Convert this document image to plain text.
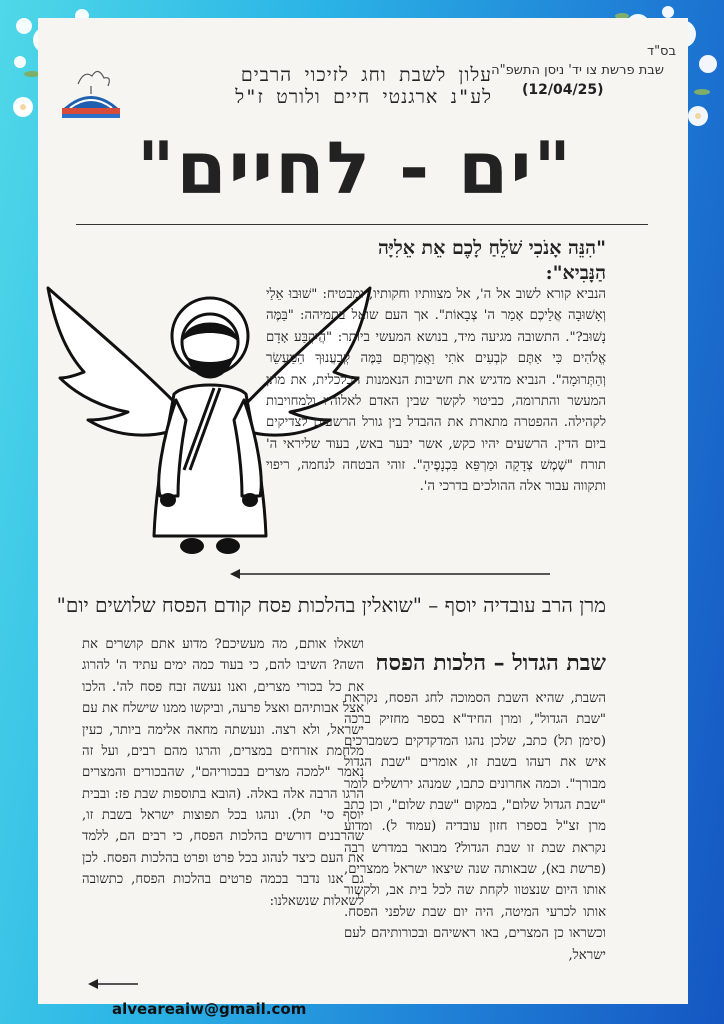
בס"ד
שבת פרשת צו יד' ניסן התשפ"ה
(12/04/25)
עלון לשבת וחג לזיכוי הרבים
לע"נ ארגנטי חיים ולורט ז"ל
"ים - לחיים"
"הִנֵּה אָנֹכִי שֹׁלֵחַ לָכֶם אֵת אֵלִיָּה
הַנָּבִיא":
הנביא קורא לשוב אל ה', אל מצוותיו וחקותיו, ומבטיח: "שׁוּבוּ אֵלַי וְאָשׁוּבָה אֲלֵיכֶם אָמַר ה' צְבָאוֹת". אך העם שואל בתמיהה: "בַּמֶּה נָשׁוּב?". התשובה מגיעה מיד, בנושא המעשי ביותר: "הֲיִקְבַּע אָדָם אֱלֹהִים כִּי אַתֶּם קֹבְעִים אֹתִי וַאֲמַרְתֶּם בַּמֶּה קְבַעֲנוּךָ הַמַּעֲשֵׂר וְהַתְּרוּמָה". הנביא מדגיש את חשיבות הנאמנות הכלכלית, את מתן המעשר והתרומה, כביטוי לקשר שבין האדם לאלוהיו ולמחויבות לקהילה. ההפטרה מתארת את ההבדל בין גורל הרשעים לצדיקים ביום הדין. הרשעים יהיו כקש, אשר יבער באש, בעוד שליראי ה' תורח "שֶׁמֶשׁ צְדָקָה וּמַרְפֵּא בִּכְנָפֶיהָ". זוהי הבטחה לנחמה, ריפוי ותקווה עבור אלה ההולכים בדרכי ה'.
מרן הרב עובדיה יוסף – "שואלין בהלכות פסח קודם הפסח שלושים יום"
שבת הגדול – הלכות הפסח
השבת, שהיא השבת הסמוכה לחג הפסח, נקראת "שבת הגדול", ומרן החיד"א בספר מחזיק ברכה (סימן תל) כתב, שלכן נהגו המדקדקים כשמברכים איש את רעהו בשבת זו, אומרים "שבת הגדול מבורך". וכמה אחרונים כתבו, שמנהג ירושלים לומר "שבת הגדול שלום", במקום "שבת שלום", וכן כתב מרן זצ"ל בספרו חזון עובדיה (עמוד ל). ומדוע נקראת שבת זו שבת הגדול? מבואר במדרש רבה (פרשת בא), שבאותה שנה שיצאו ישראל ממצרים, אותו היום שנצטוו לקחת שה לכל בית אב, ולקשור אותו לכרעי המיטה, היה יום שבת שלפני הפסח. וכשראו כן המצרים, באו ראשיהם ובכורותיהם לעם ישראל,
ושאלו אותם, מה מעשיכם? מדוע אתם קושרים את השה? השיבו להם, כי בעוד כמה ימים עתיד ה' להרוג את כל בכורי מצרים, ואנו נעשה זבח פסח לה'. הלכו אצל אבותיהם ואצל פרעה, וביקשו ממנו שישלח את עם ישראל, ולא רצה. ונעשתה מחאה אלימה ביותר, כעין מלחמת אזרחים במצרים, והרגו מהם רבים, ועל זה נאמר "למכה מצרים בבכוריהם", שהבכורים והמצרים הרגו הרבה אלה באלה. (הובא בתוספות שבת פז: ובבית יוסף סי' תל). ונהגו בכל תפוצות ישראל בשבת זו, שהרבנים דורשים בהלכות הפסח, כי רבים הם, ללמד את העם כיצד לנהוג בכל פרט ופרט בהלכות הפסח. לכן גם אנו נדבר בכמה פרטים בהלכות הפסח, כתשובה לשאלות שנשאלנו:
alveareaiw@gmail.com
